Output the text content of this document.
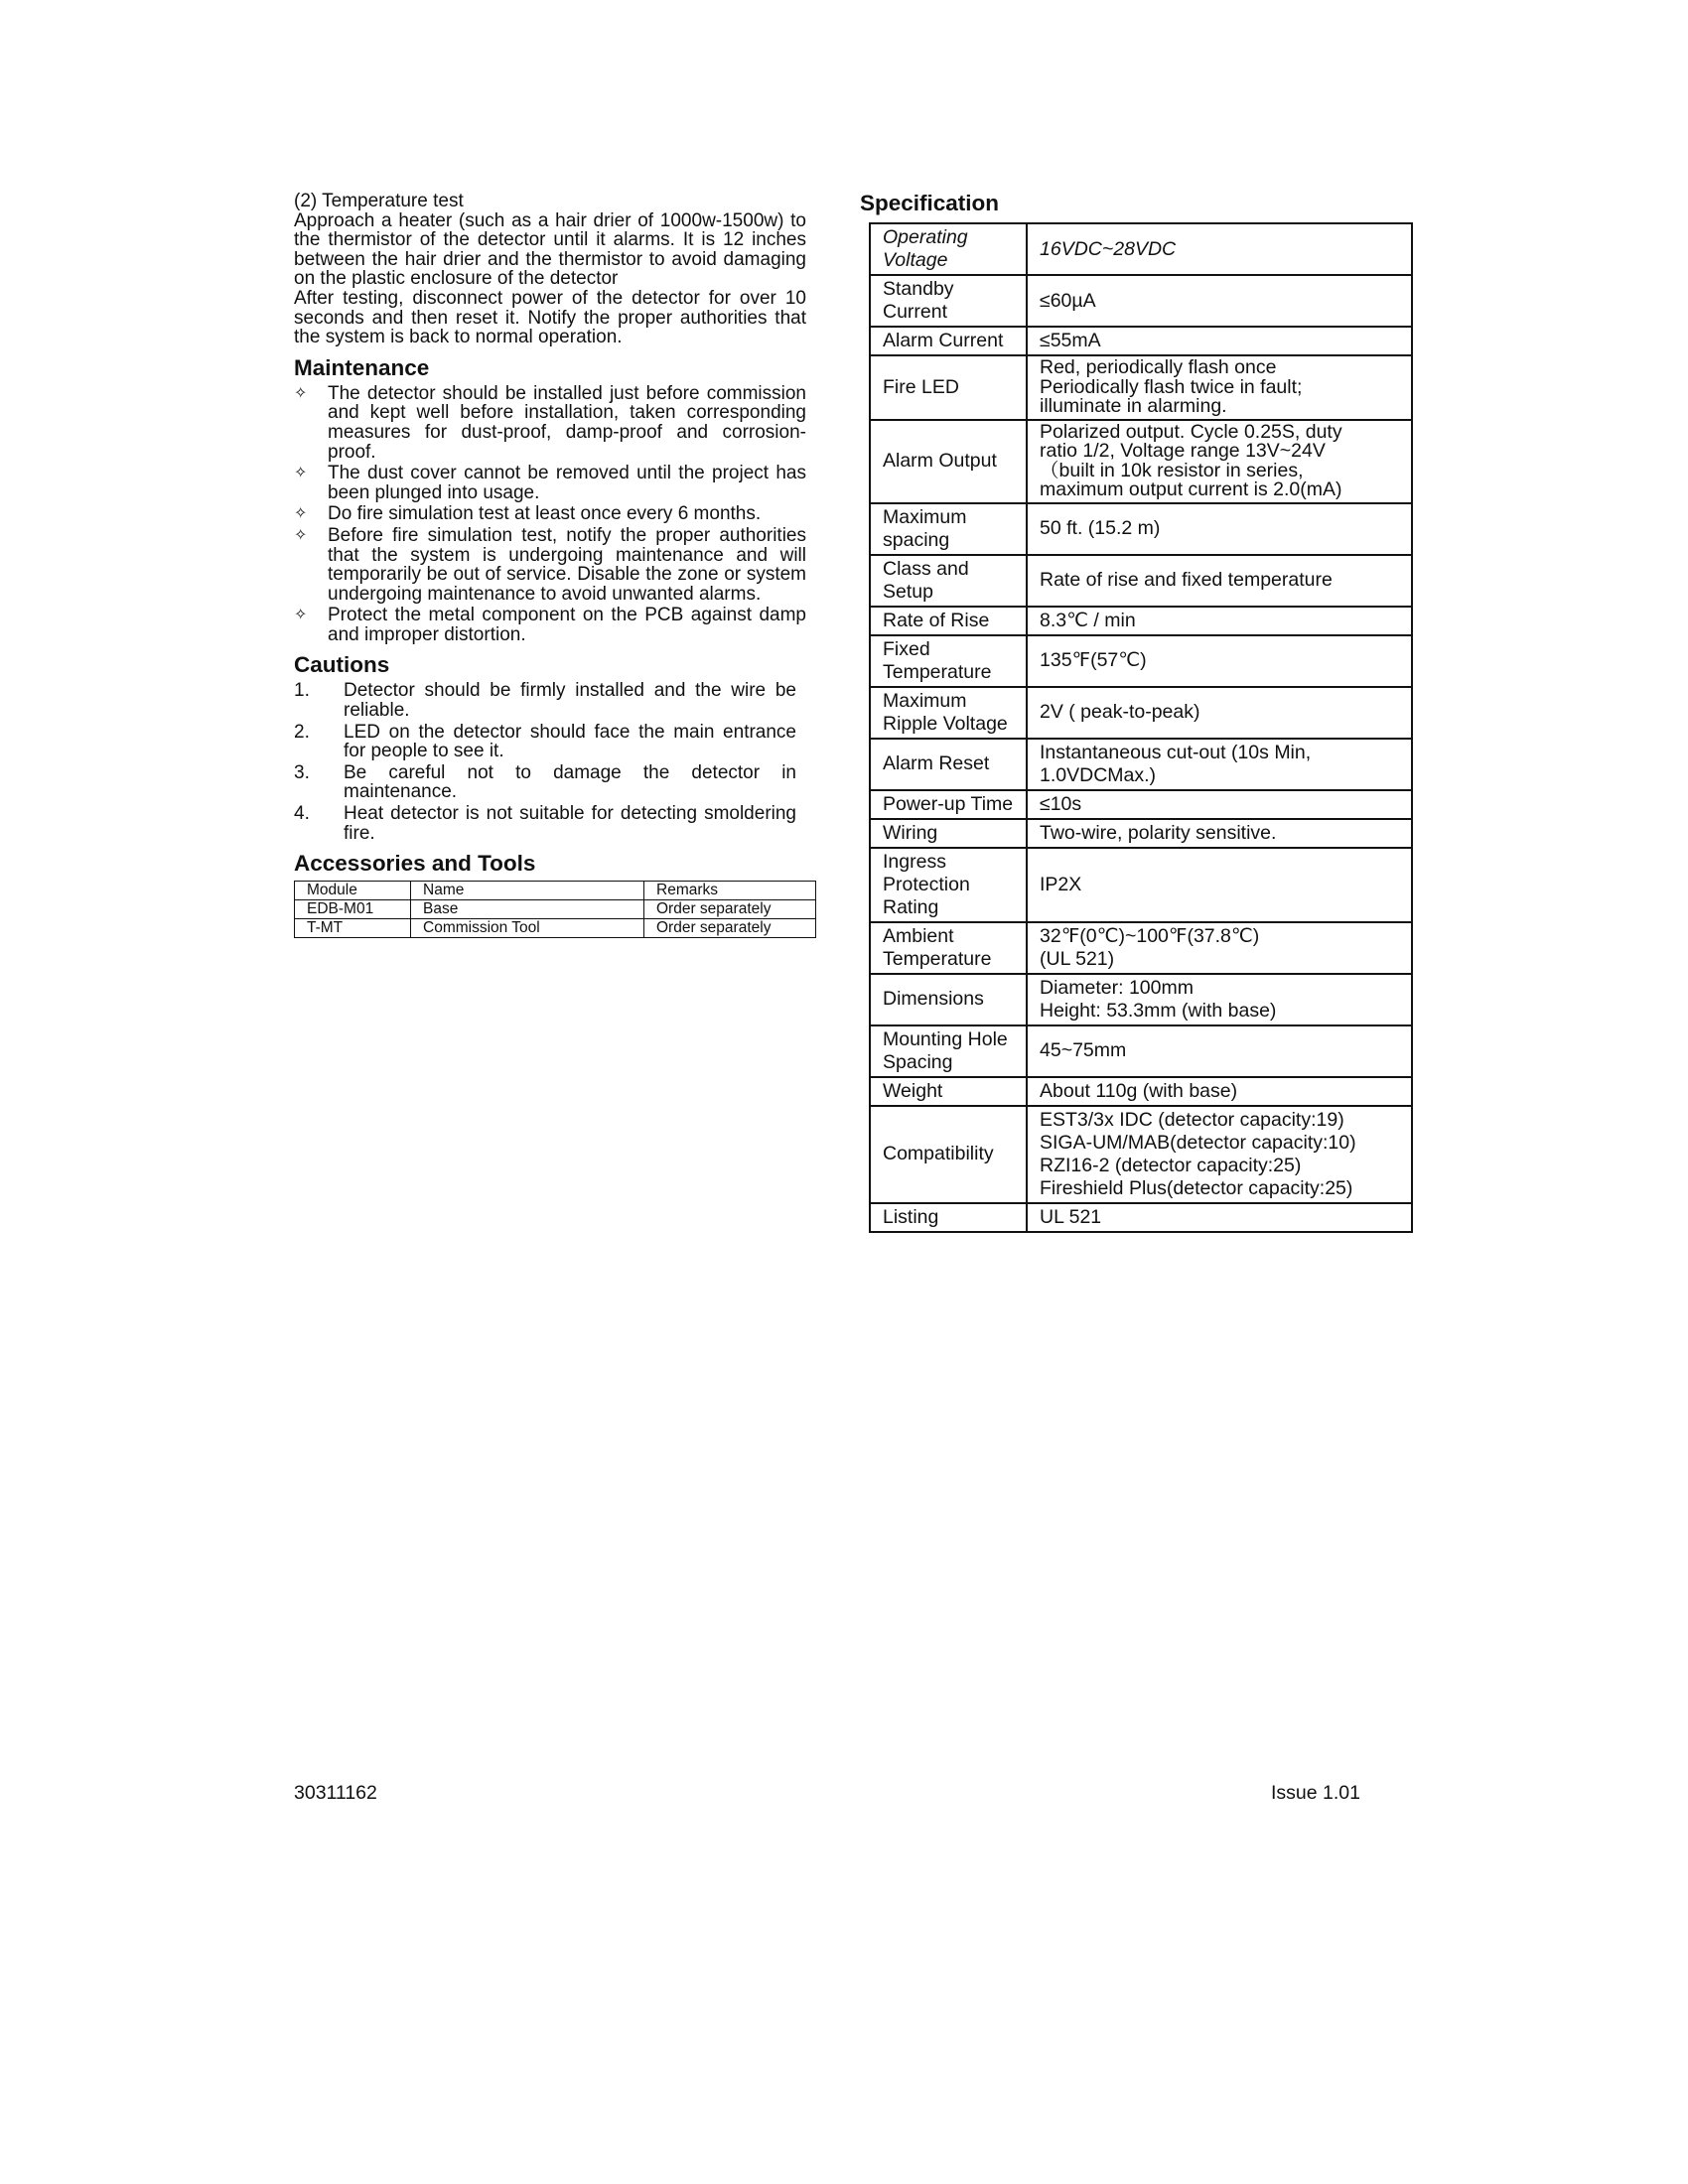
(2) Temperature test

Approach a heater (such as a hair drier of 1000w-1500w) to the thermistor of the detector until it alarms. It is 12 inches between the hair drier and the thermistor to avoid damaging on the plastic enclosure of the detector

After testing, disconnect power of the detector for over 10 seconds and then reset it. Notify the proper authorities that the system is back to normal operation.

Maintenance
✧ The detector should be installed just before commission and kept well before installation, taken corresponding measures for dust-proof, damp-proof and corrosion-proof.
✧ The dust cover cannot be removed until the project has been plunged into usage.
✧ Do fire simulation test at least once every 6 months.
✧ Before fire simulation test, notify the proper authorities that the system is undergoing maintenance and will temporarily be out of service. Disable the zone or system undergoing maintenance to avoid unwanted alarms.
✧ Protect the metal component on the PCB against damp and improper distortion.
Cautions
1. Detector should be firmly installed and the wire be reliable.
2. LED on the detector should face the main entrance for people to see it.
3. Be careful not to damage the detector in maintenance.
4. Heat detector is not suitable for detecting smoldering fire.
Accessories and Tools
Module	Name	Remarks
EDB-M01	Base	Order separately
T-MT	Commission Tool	Order separately
Specification
Operating Voltage	16VDC~28VDC

Standby Current	≤60µA

Alarm Current	≤55mA

Fire LED	Red, periodically flash once
Periodically flash twice in fault;
illuminate in alarming.

Alarm Output	Polarized output. Cycle 0.25S, duty
ratio 1/2, Voltage range 13V~24V
（built in 10k resistor in series,
maximum output current is 2.0(mA)

Maximum spacing	50 ft. (15.2 m)

Class and Setup	Rate of rise and fixed temperature

Rate of Rise	8.3℃ / min

Fixed Temperature	135℉(57℃)

Maximum Ripple Voltage	2V ( peak-to-peak)

Alarm Reset	Instantaneous cut-out (10s Min,
1.0VDCMax.)

Power-up Time	≤10s

Wiring	Two-wire, polarity sensitive.

Ingress Protection Rating	IP2X

Ambient Temperature	32℉(0℃)~100℉(37.8℃)
(UL 521)

Dimensions	Diameter: 100mm
Height: 53.3mm (with base)

Mounting Hole Spacing	45~75mm

Weight	About 110g (with base)

Compatibility	EST3/3x IDC (detector capacity:19)
SIGA-UM/MAB(detector capacity:10)
RZI16-2 (detector capacity:25)
Fireshield Plus(detector capacity:25)

Listing	UL 521
30311162	Issue 1.01
